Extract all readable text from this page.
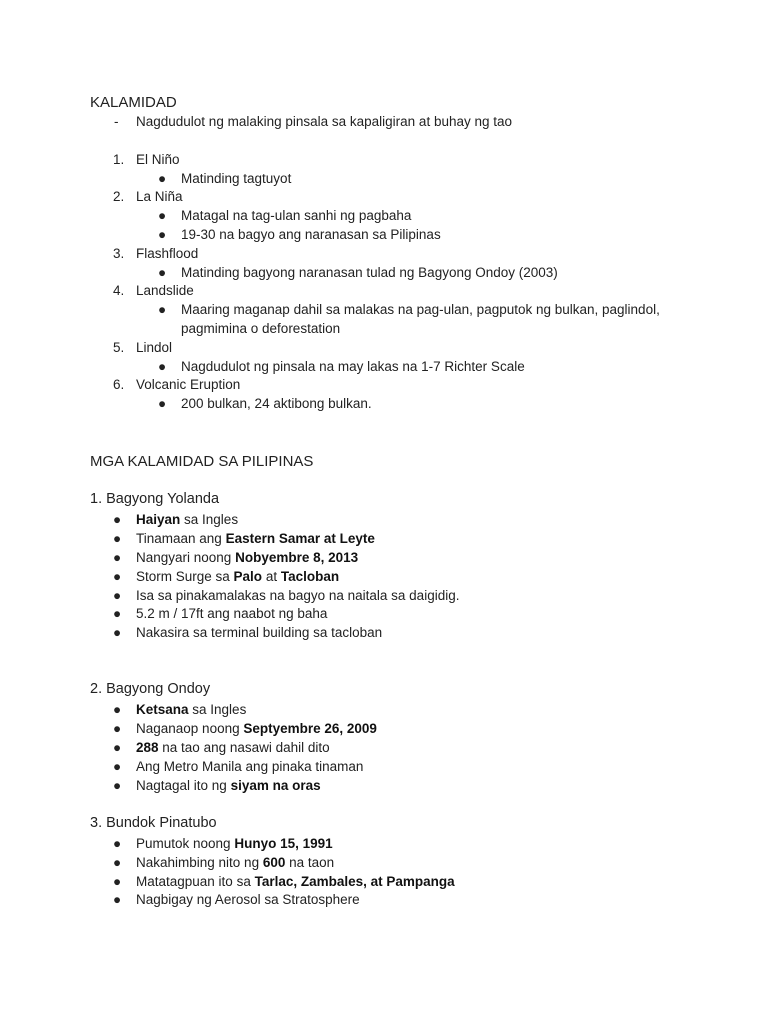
KALAMIDAD
- Nagdudulot ng malaking pinsala sa kapaligiran at buhay ng tao
1. El Niño
● Matinding tagtuyot
2. La Niña
● Matagal na tag-ulan sanhi ng pagbaha
● 19-30 na bagyo ang naranasan sa Pilipinas
3. Flashflood
● Matinding bagyong naranasan tulad ng Bagyong Ondoy (2003)
4. Landslide
● Maaring maganap dahil sa malakas na pag-ulan, pagputok ng bulkan, paglindol, pagmimina o deforestation
5. Lindol
● Nagdudulot ng pinsala na may lakas na 1-7 Richter Scale
6. Volcanic Eruption
● 200 bulkan, 24 aktibong bulkan.
MGA KALAMIDAD SA PILIPINAS
1. Bagyong Yolanda
● Haiyan sa Ingles
● Tinamaan ang Eastern Samar at Leyte
● Nangyari noong Nobyembre 8, 2013
● Storm Surge sa Palo at Tacloban
● Isa sa pinakamalakas na bagyo na naitala sa daigidig.
● 5.2 m / 17ft ang naabot ng baha
● Nakasira sa terminal building sa tacloban
2. Bagyong Ondoy
● Ketsana sa Ingles
● Naganaop noong Septyembre 26, 2009
● 288 na tao ang nasawi dahil dito
● Ang Metro Manila ang pinaka tinaman
● Nagtagal ito ng siyam na oras
3. Bundok Pinatubo
● Pumutok noong Hunyo 15, 1991
● Nakahimbing nito ng 600 na taon
● Matatagpuan ito sa Tarlac, Zambales, at Pampanga
● Nagbigay ng Aerosol sa Stratosphere
